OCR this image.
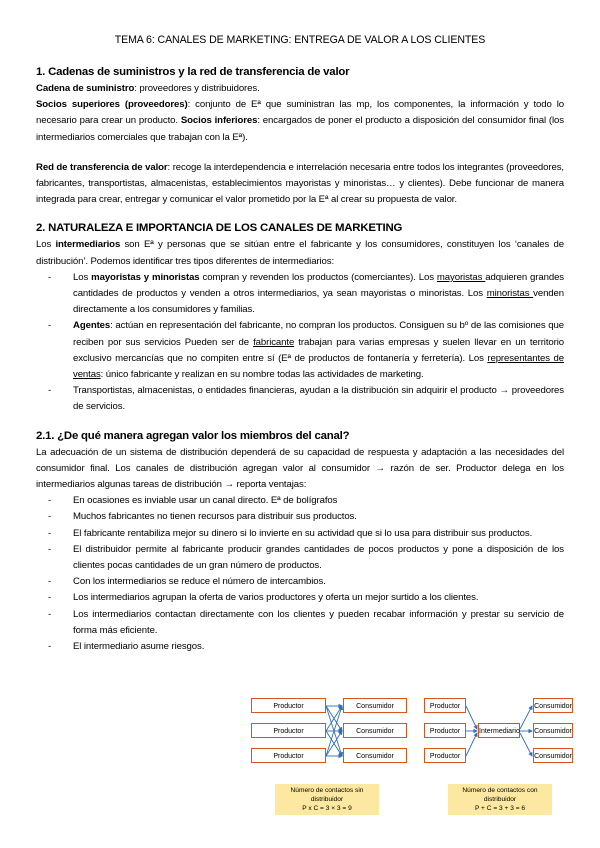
TEMA 6: CANALES DE MARKETING: ENTREGA DE VALOR A LOS CLIENTES
1. Cadenas de suministros y la red de transferencia de valor

Cadena de suministro: proveedores y distribuidores.

Socios superiores (proveedores): conjunto de Eª que suministran las mp, los componentes, la información y todo lo necesario para crear un producto. Socios inferiores: encargados de poner el producto a disposición del consumidor final (los intermediarios comerciales que trabajan con la Eª).

Red de transferencia de valor: recoge la interdependencia e interrelación necesaria entre todos los integrantes (proveedores, fabricantes, transportistas, almacenistas, establecimientos mayoristas y minoristas… y clientes). Debe funcionar de manera integrada para crear, entregar y comunicar el valor prometido por la Eª al crear su propuesta de valor.

2. NATURALEZA E IMPORTANCIA DE LOS CANALES DE MARKETING

Los intermediarios son Eª y personas que se sitúan entre el fabricante y los consumidores, constituyen los ‘canales de distribución’. Podemos identificar tres tipos diferentes de intermediarios:

- Los mayoristas y minoristas compran y revenden los productos (comerciantes). Los mayoristas adquieren grandes cantidades de productos y venden a otros intermediarios, ya sean mayoristas o minoristas. Los minoristas venden directamente a los consumidores y familias.
- Agentes: actúan en representación del fabricante, no compran los productos. Consiguen su bº de las comisiones que reciben por sus servicios Pueden ser de fabricante trabajan para varias empresas y suelen llevar en un territorio exclusivo mercancías que no compiten entre sí (Eª de productos de fontanería y ferretería). Los representantes de ventas: único fabricante y realizan en su nombre todas las actividades de marketing.
- Transportistas, almacenistas, o entidades financieras, ayudan a la distribución sin adquirir el producto → proveedores de servicios.
2.1. ¿De qué manera agregan valor los miembros del canal?

La adecuación de un sistema de distribución dependerá de su capacidad de respuesta y adaptación a las necesidades del consumidor final. Los canales de distribución agregan valor al consumidor → razón de ser. Productor delega en los intermediarios algunas tareas de distribución → reporta ventajas:

- En ocasiones es inviable usar un canal directo. Eª de bolígrafos
- Muchos fabricantes no tienen recursos para distribuir sus productos.
- El fabricante rentabiliza mejor su dinero si lo invierte en su actividad que si lo usa para distribuir sus productos.
- El distribuidor permite al fabricante producir grandes cantidades de pocos productos y pone a disposición de los clientes pocas cantidades de un gran número de productos.
- Con los intermediarios se reduce el número de intercambios.
- Los intermediarios agrupan la oferta de varios productores y oferta un mejor surtido a los clientes.
- Los intermediarios contactan directamente con los clientes y pueden recabar información y prestar su servicio de forma más eficiente.
- El intermediario asume riesgos.
Productor
Productor
Productor
Consumidor
Consumidor
Consumidor
Número de contactos sin distribuidor
P x C = 3 × 3 = 9
Productor
Productor
Productor
Intermediario
Consumidor
Consumidor
Consumidor
Número de contactos con distribuidor
P + C = 3 + 3 = 6
